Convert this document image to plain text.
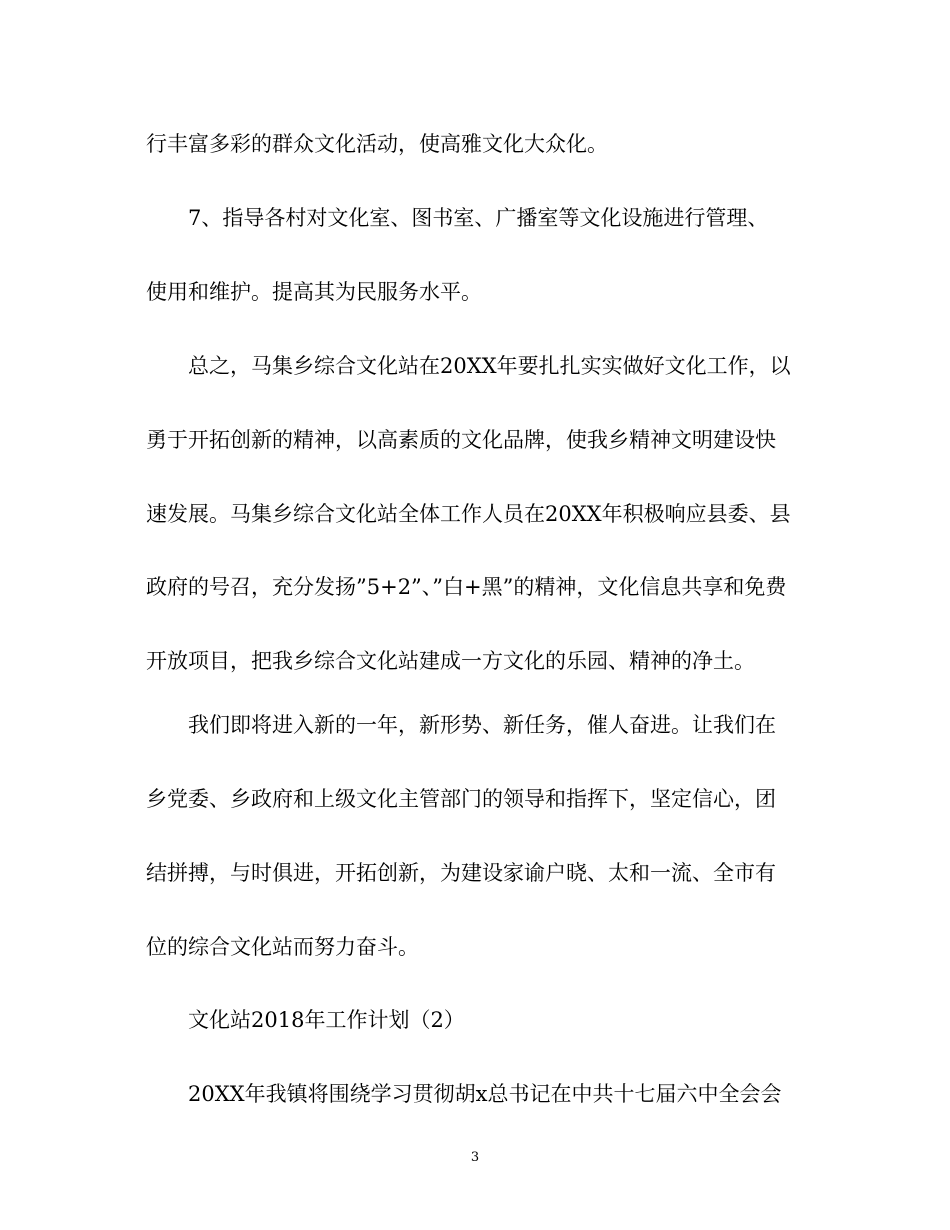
行丰富多彩的群众文化活动，使高雅文化大众化。
7、指导各村对文化室、图书室、广播室等文化设施进行管理、
使用和维护。提高其为民服务水平。
总之，马集乡综合文化站在20XX年要扎扎实实做好文化工作，以
勇于开拓创新的精神，以高素质的文化品牌，使我乡精神文明建设快
速发展。马集乡综合文化站全体工作人员在20XX年积极响应县委、县
政府的号召，充分发扬”5+2”、”白+黑”的精神，文化信息共享和免费
开放项目，把我乡综合文化站建成一方文化的乐园、精神的净土。
我们即将进入新的一年，新形势、新任务，催人奋进。让我们在
乡党委、乡政府和上级文化主管部门的领导和指挥下，坚定信心，团
结拼搏，与时俱进，开拓创新，为建设家谕户晓、太和一流、全市有
位的综合文化站而努力奋斗。
文化站2018年工作计划（2）
20XX年我镇将围绕学习贯彻胡x总书记在中共十七届六中全会会
3
